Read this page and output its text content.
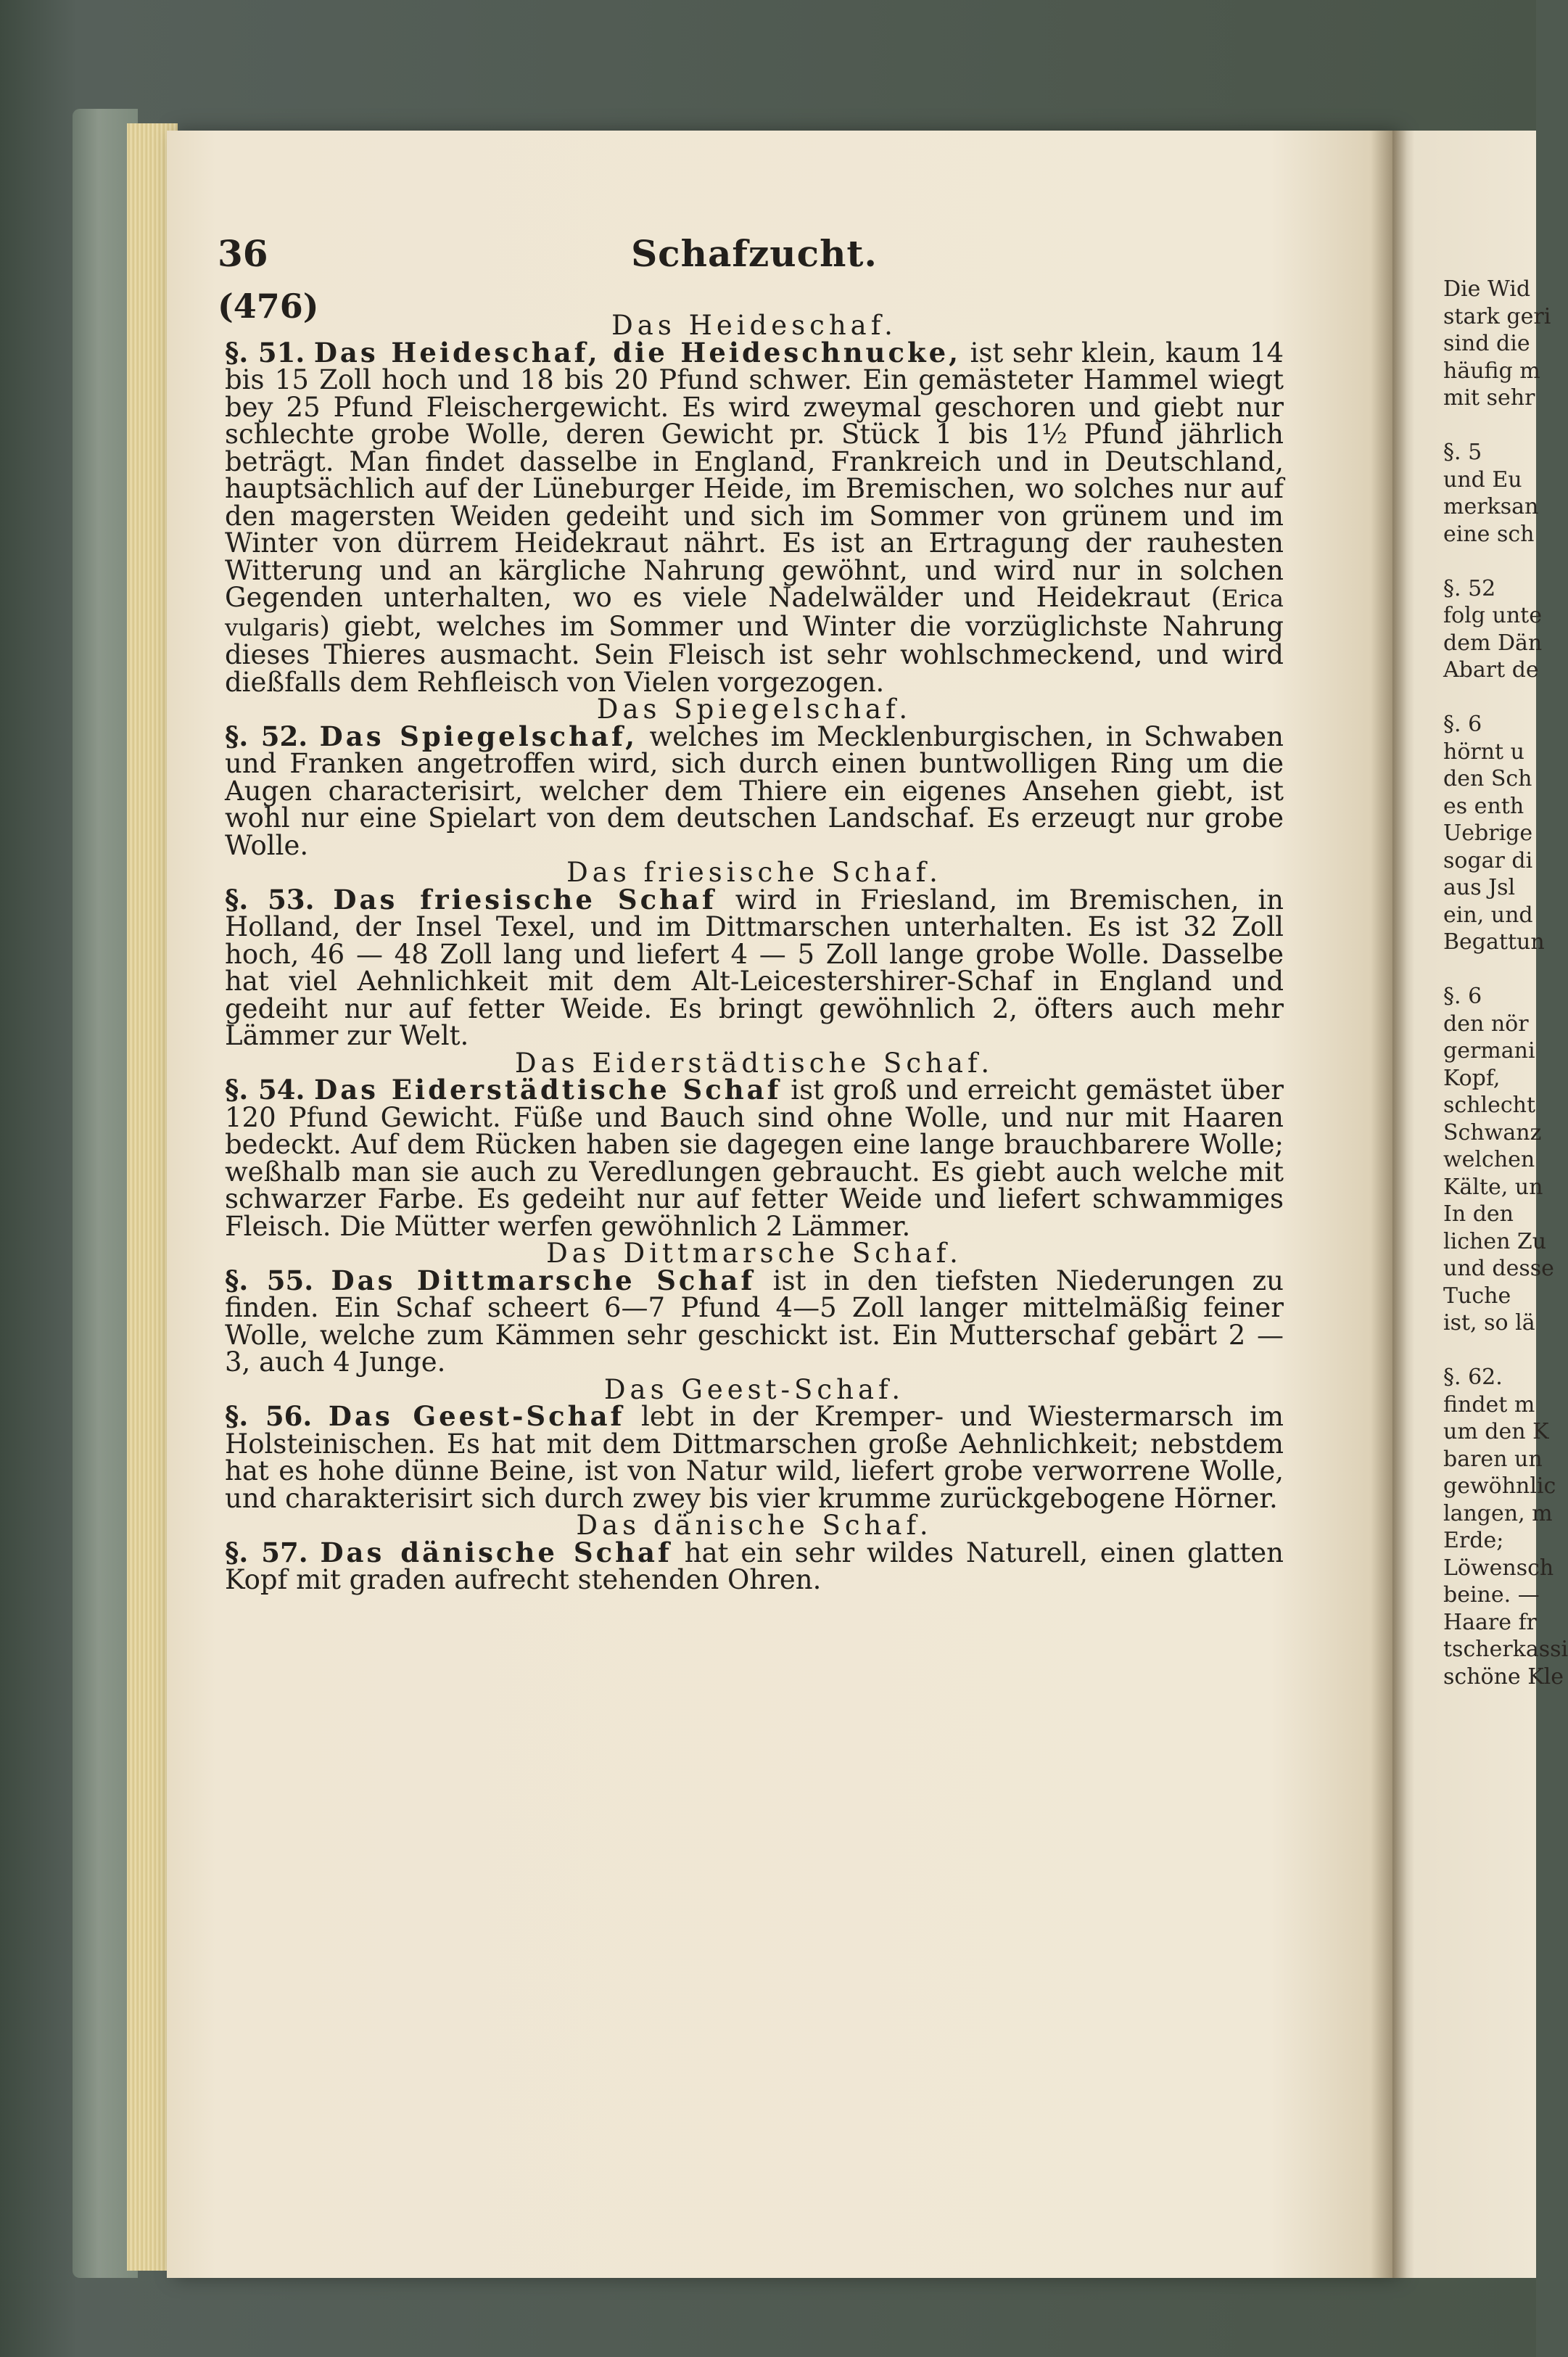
36	Schafzucht.
(476)	Das Heideschaf.

§. 51. Das Heideschaf, die Heideschnucke, ist sehr klein, kaum 14 bis 15 Zoll hoch und 18 bis 20 Pfund schwer. Ein gemästeter Hammel wiegt bey 25 Pfund Fleischergewicht. Es wird zweymal geschoren und giebt nur schlechte grobe Wolle, deren Gewicht pr. Stück 1 bis 1½ Pfund jährlich beträgt. Man findet dasselbe in England, Frankreich und in Deutschland, hauptsächlich auf der Lüneburger Heide, im Bremischen, wo solches nur auf den magersten Weiden gedeiht und sich im Sommer von grünem und im Winter von dürrem Heidekraut nährt. Es ist an Ertragung der rauhesten Witterung und an kärgliche Nahrung gewöhnt, und wird nur in solchen Gegenden unterhalten, wo es viele Nadelwälder und Heidekraut (Erica vulgaris) giebt, welches im Sommer und Winter die vorzüglichste Nahrung dieses Thieres ausmacht. Sein Fleisch ist sehr wohlschmeckend, und wird dießfalls dem Rehfleisch von Vielen vorgezogen.

Das Spiegelschaf.

§. 52. Das Spiegelschaf, welches im Mecklenburgischen, in Schwaben und Franken angetroffen wird, sich durch einen buntwolligen Ring um die Augen characterisirt, welcher dem Thiere ein eigenes Ansehen giebt, ist wohl nur eine Spielart von dem deutschen Landschaf. Es erzeugt nur grobe Wolle.

Das friesische Schaf.

§. 53. Das friesische Schaf wird in Friesland, im Bremischen, in Holland, der Insel Texel, und im Dittmarschen unterhalten. Es ist 32 Zoll hoch, 46 — 48 Zoll lang und liefert 4 — 5 Zoll lange grobe Wolle. Dasselbe hat viel Aehnlichkeit mit dem Alt-Leicestershirer-Schaf in England und gedeiht nur auf fetter Weide. Es bringt gewöhnlich 2, öfters auch mehr Lämmer zur Welt.

Das Eiderstädtische Schaf.

§. 54. Das Eiderstädtische Schaf ist groß und erreicht gemästet über 120 Pfund Gewicht. Füße und Bauch sind ohne Wolle, und nur mit Haaren bedeckt. Auf dem Rücken haben sie dagegen eine lange brauchbarere Wolle; weßhalb man sie auch zu Veredlungen gebraucht. Es giebt auch welche mit schwarzer Farbe. Es gedeiht nur auf fetter Weide und liefert schwammiges Fleisch. Die Mütter werfen gewöhnlich 2 Lämmer.

Das Dittmarsche Schaf.

§. 55. Das Dittmarsche Schaf ist in den tiefsten Niederungen zu finden. Ein Schaf scheert 6—7 Pfund 4—5 Zoll langer mittelmäßig feiner Wolle, welche zum Kämmen sehr geschickt ist. Ein Mutterschaf gebärt 2 — 3, auch 4 Junge.

Das Geest-Schaf.

§. 56. Das Geest-Schaf lebt in der Kremper- und Wiestermarsch im Holsteinischen. Es hat mit dem Dittmarschen große Aehnlichkeit; nebstdem hat es hohe dünne Beine, ist von Natur wild, liefert grobe verworrene Wolle, und charakterisirt sich durch zwey bis vier krumme zurückgebogene Hörner.

Das dänische Schaf.

§. 57. Das dänische Schaf hat ein sehr wildes Naturell, einen glatten Kopf mit graden aufrecht stehenden Ohren.

Die Wid
stark geri
sind die
häufig m
mit sehr
§. 5
und Eu
merksan
eine sch
§. 52
folg unte
dem Dän
Abart de
§. 6
hörnt u
den Sch
es enth
Uebrige
sogar di
aus Jsl
ein, und
Begattun
§. 6
den nör
germani
Kopf,
schlecht
Schwanz
welchen
Kälte, un
In den
lichen Zu
und desse
Tuche
ist, so lä
§. 62.
findet m
um den K
baren un
gewöhnlic
langen, m
Erde;
Löwensch
beine. —
Haare fr
tscherkassi
schöne Kle
